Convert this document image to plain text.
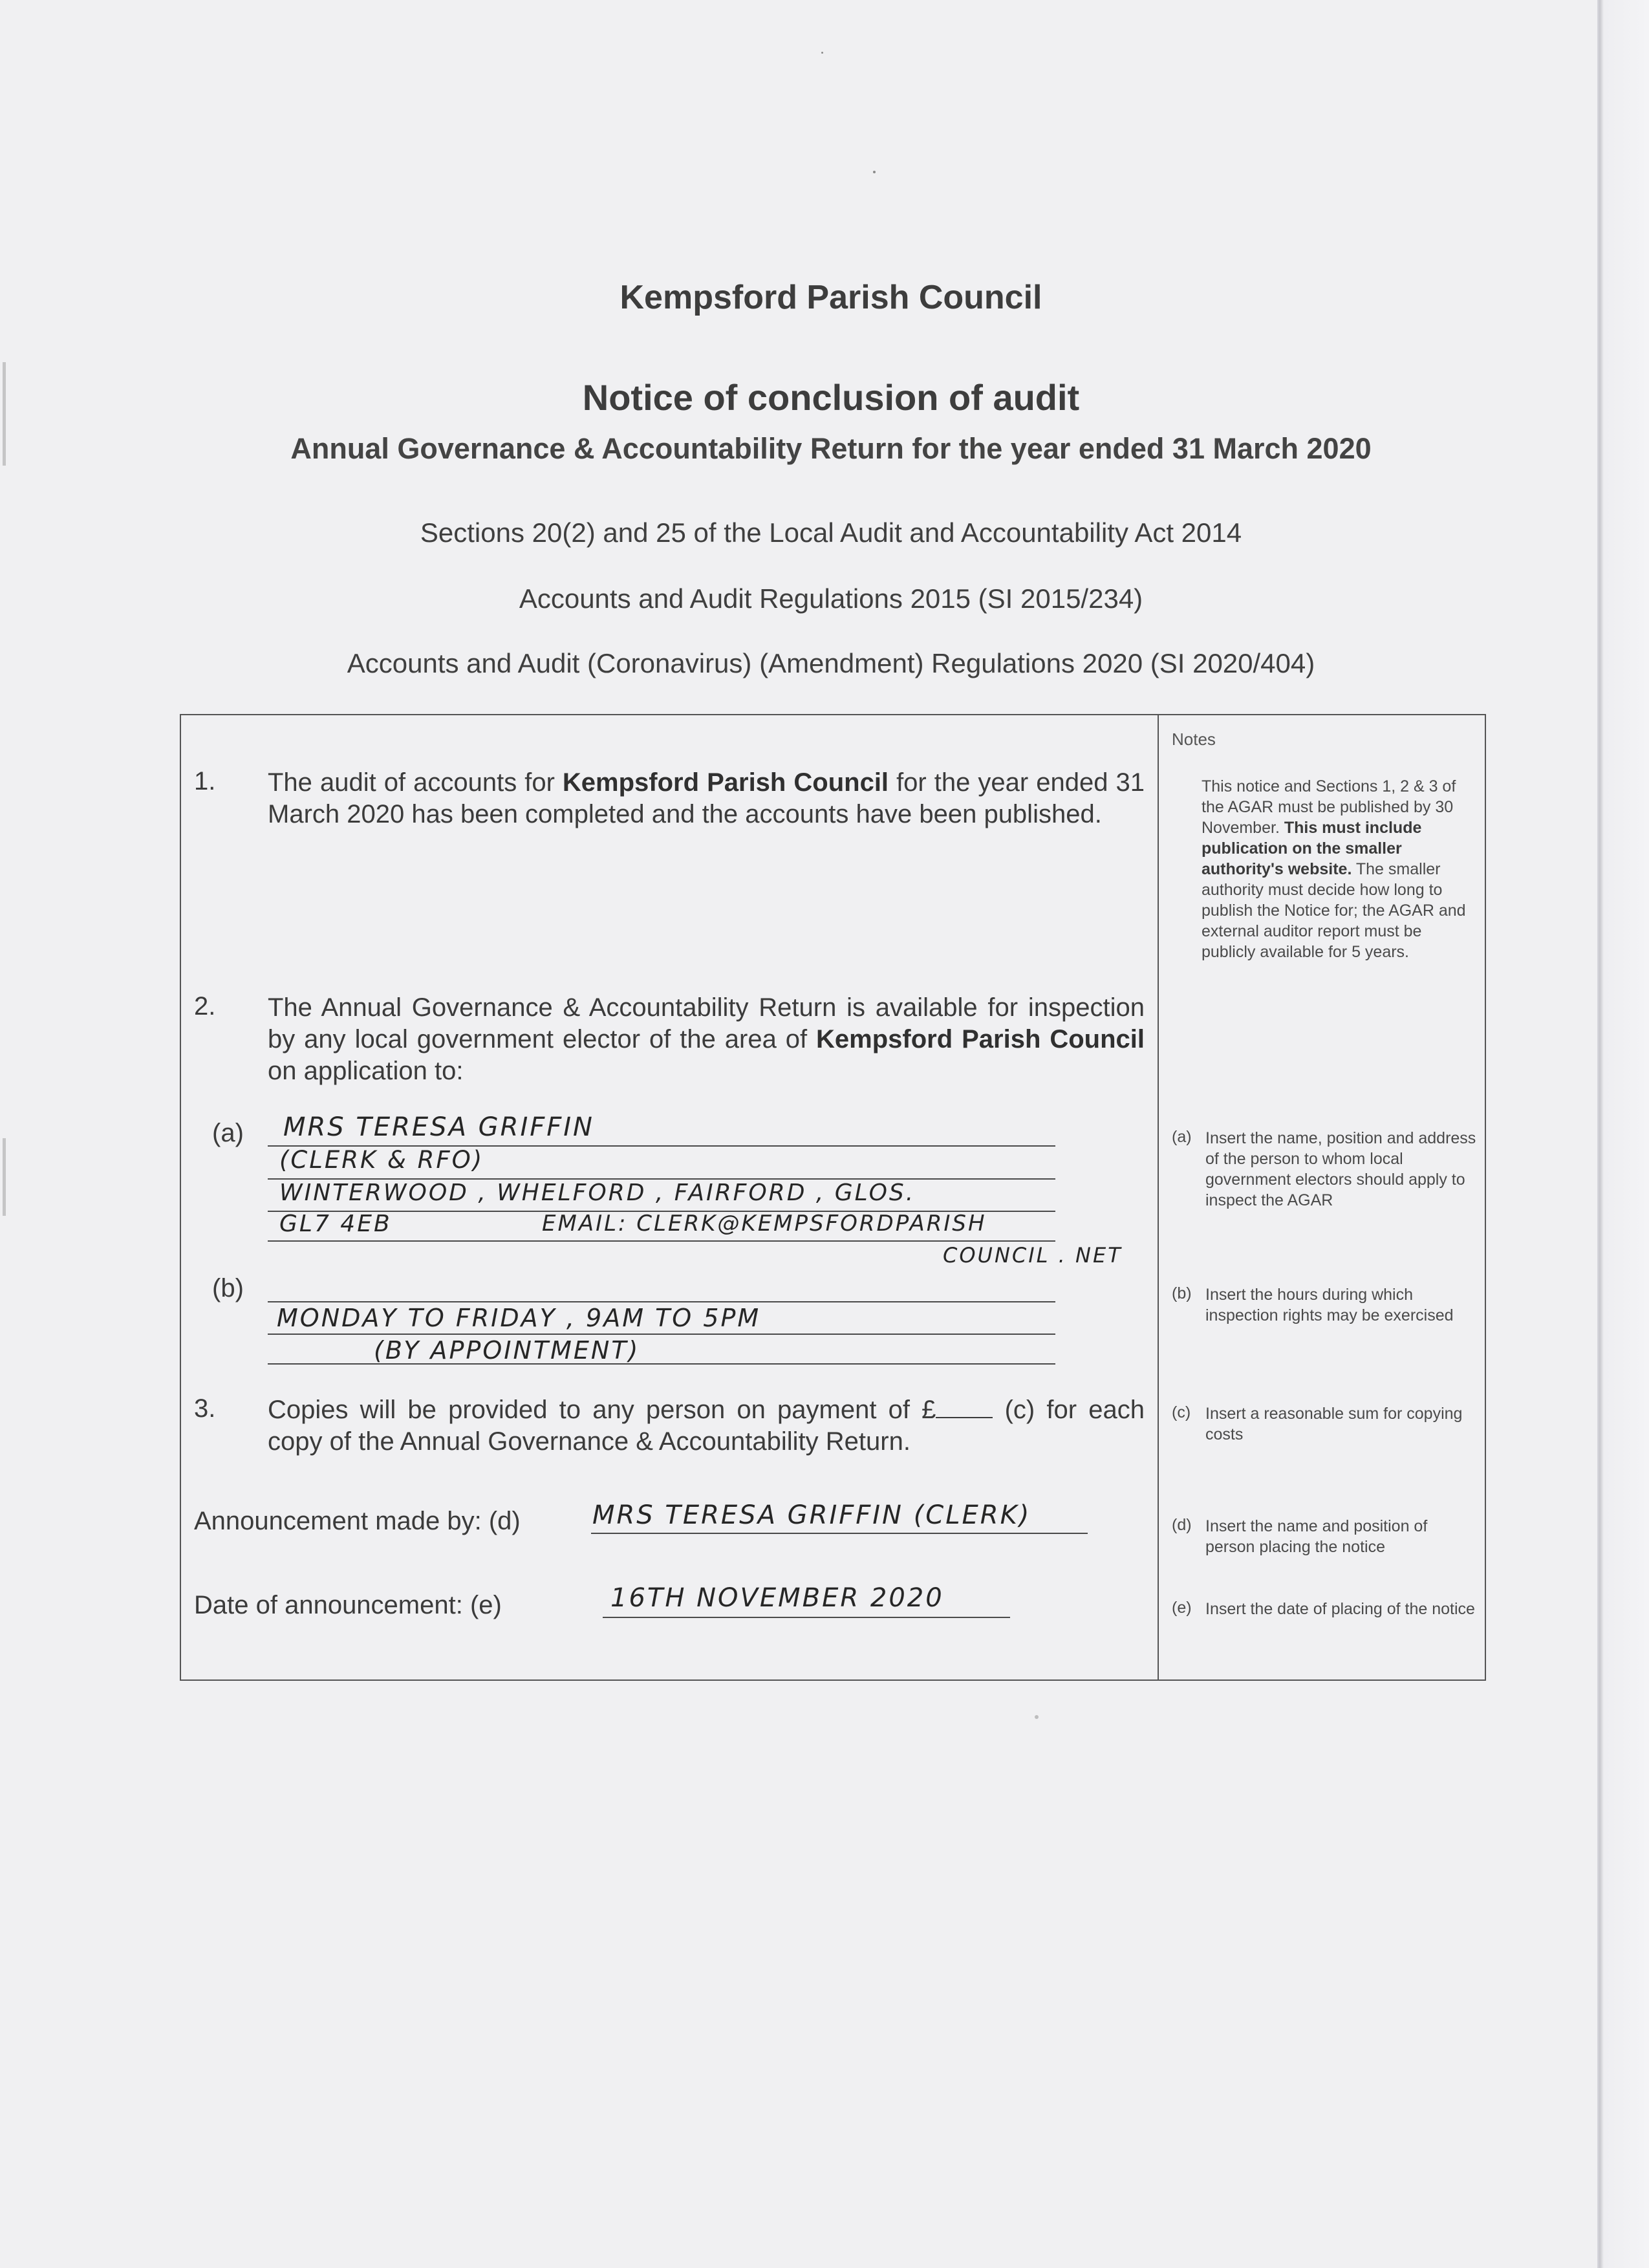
Kempsford Parish Council
Notice of conclusion of audit
Annual Governance & Accountability Return for the year ended 31 March 2020
Sections 20(2) and 25 of the Local Audit and Accountability Act 2014
Accounts and Audit Regulations 2015 (SI 2015/234)
Accounts and Audit (Coronavirus) (Amendment) Regulations 2020 (SI 2020/404)
1. The audit of accounts for Kempsford Parish Council for the year ended 31 March 2020 has been completed and the accounts have been published.
2. The Annual Governance & Accountability Return is available for inspection by any local government elector of the area of Kempsford Parish Council on application to:
(a) MRS TERESA GRIFFIN
(CLERK & RFO)
WINTERWOOD , WHELFORD , FAIRFORD , GLOS.
GL7 4EB	EMAIL: CLERK@KEMPSFORDPARISH
COUNCIL . NET
(b)
MONDAY TO FRIDAY , 9AM TO 5PM
(BY APPOINTMENT)
3. Copies will be provided to any person on payment of £ (c) for each copy of the Annual Governance & Accountability Return.
Announcement made by: (d)	MRS TERESA GRIFFIN (CLERK)
Date of announcement: (e)	16TH NOVEMBER 2020
Notes
This notice and Sections 1, 2 & 3 of the AGAR must be published by 30 November. This must include publication on the smaller authority's website. The smaller authority must decide how long to publish the Notice for; the AGAR and external auditor report must be publicly available for 5 years.
(a) Insert the name, position and address of the person to whom local government electors should apply to inspect the AGAR
(b) Insert the hours during which inspection rights may be exercised
(c) Insert a reasonable sum for copying costs
(d) Insert the name and position of person placing the notice
(e) Insert the date of placing of the notice
